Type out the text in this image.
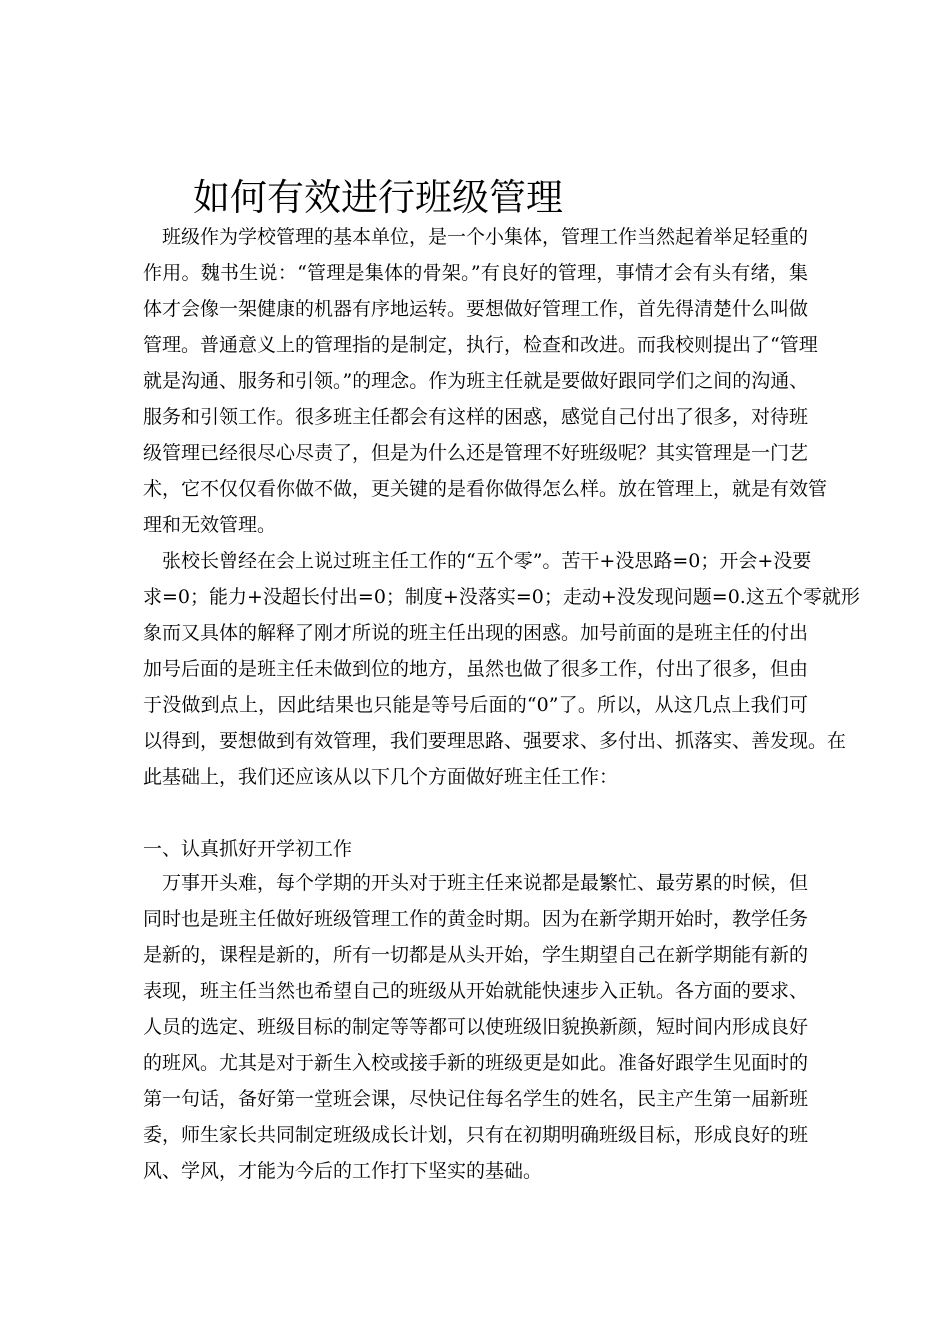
如何有效进行班级管理
　班级作为学校管理的基本单位，是一个小集体，管理工作当然起着举足轻重的
作用。魏书生说：“管理是集体的骨架。”有良好的管理，事情才会有头有绪，集
体才会像一架健康的机器有序地运转。要想做好管理工作，首先得清楚什么叫做
管理。普通意义上的管理指的是制定，执行，检查和改进。而我校则提出了“管理
就是沟通、服务和引领。”的理念。作为班主任就是要做好跟同学们之间的沟通、
服务和引领工作。很多班主任都会有这样的困惑，感觉自己付出了很多，对待班
级管理已经很尽心尽责了，但是为什么还是管理不好班级呢？其实管理是一门艺
术，它不仅仅看你做不做，更关键的是看你做得怎么样。放在管理上，就是有效管
理和无效管理。
　张校长曾经在会上说过班主任工作的“五个零”。苦干+没思路=0；开会+没要
求=0；能力+没超长付出=0；制度+没落实=0；走动+没发现问题=0.这五个零就形
象而又具体的解释了刚才所说的班主任出现的困惑。加号前面的是班主任的付出
加号后面的是班主任未做到位的地方，虽然也做了很多工作，付出了很多，但由
于没做到点上，因此结果也只能是等号后面的“0”了。所以，从这几点上我们可
以得到，要想做到有效管理，我们要理思路、强要求、多付出、抓落实、善发现。在
此基础上，我们还应该从以下几个方面做好班主任工作：
一、认真抓好开学初工作
　万事开头难，每个学期的开头对于班主任来说都是最繁忙、最劳累的时候，但
同时也是班主任做好班级管理工作的黄金时期。因为在新学期开始时，教学任务
是新的，课程是新的，所有一切都是从头开始，学生期望自己在新学期能有新的
表现，班主任当然也希望自己的班级从开始就能快速步入正轨。各方面的要求、
人员的选定、班级目标的制定等等都可以使班级旧貌换新颜，短时间内形成良好
的班风。尤其是对于新生入校或接手新的班级更是如此。准备好跟学生见面时的
第一句话，备好第一堂班会课，尽快记住每名学生的姓名，民主产生第一届新班
委，师生家长共同制定班级成长计划，只有在初期明确班级目标，形成良好的班
风、学风，才能为今后的工作打下坚实的基础。
